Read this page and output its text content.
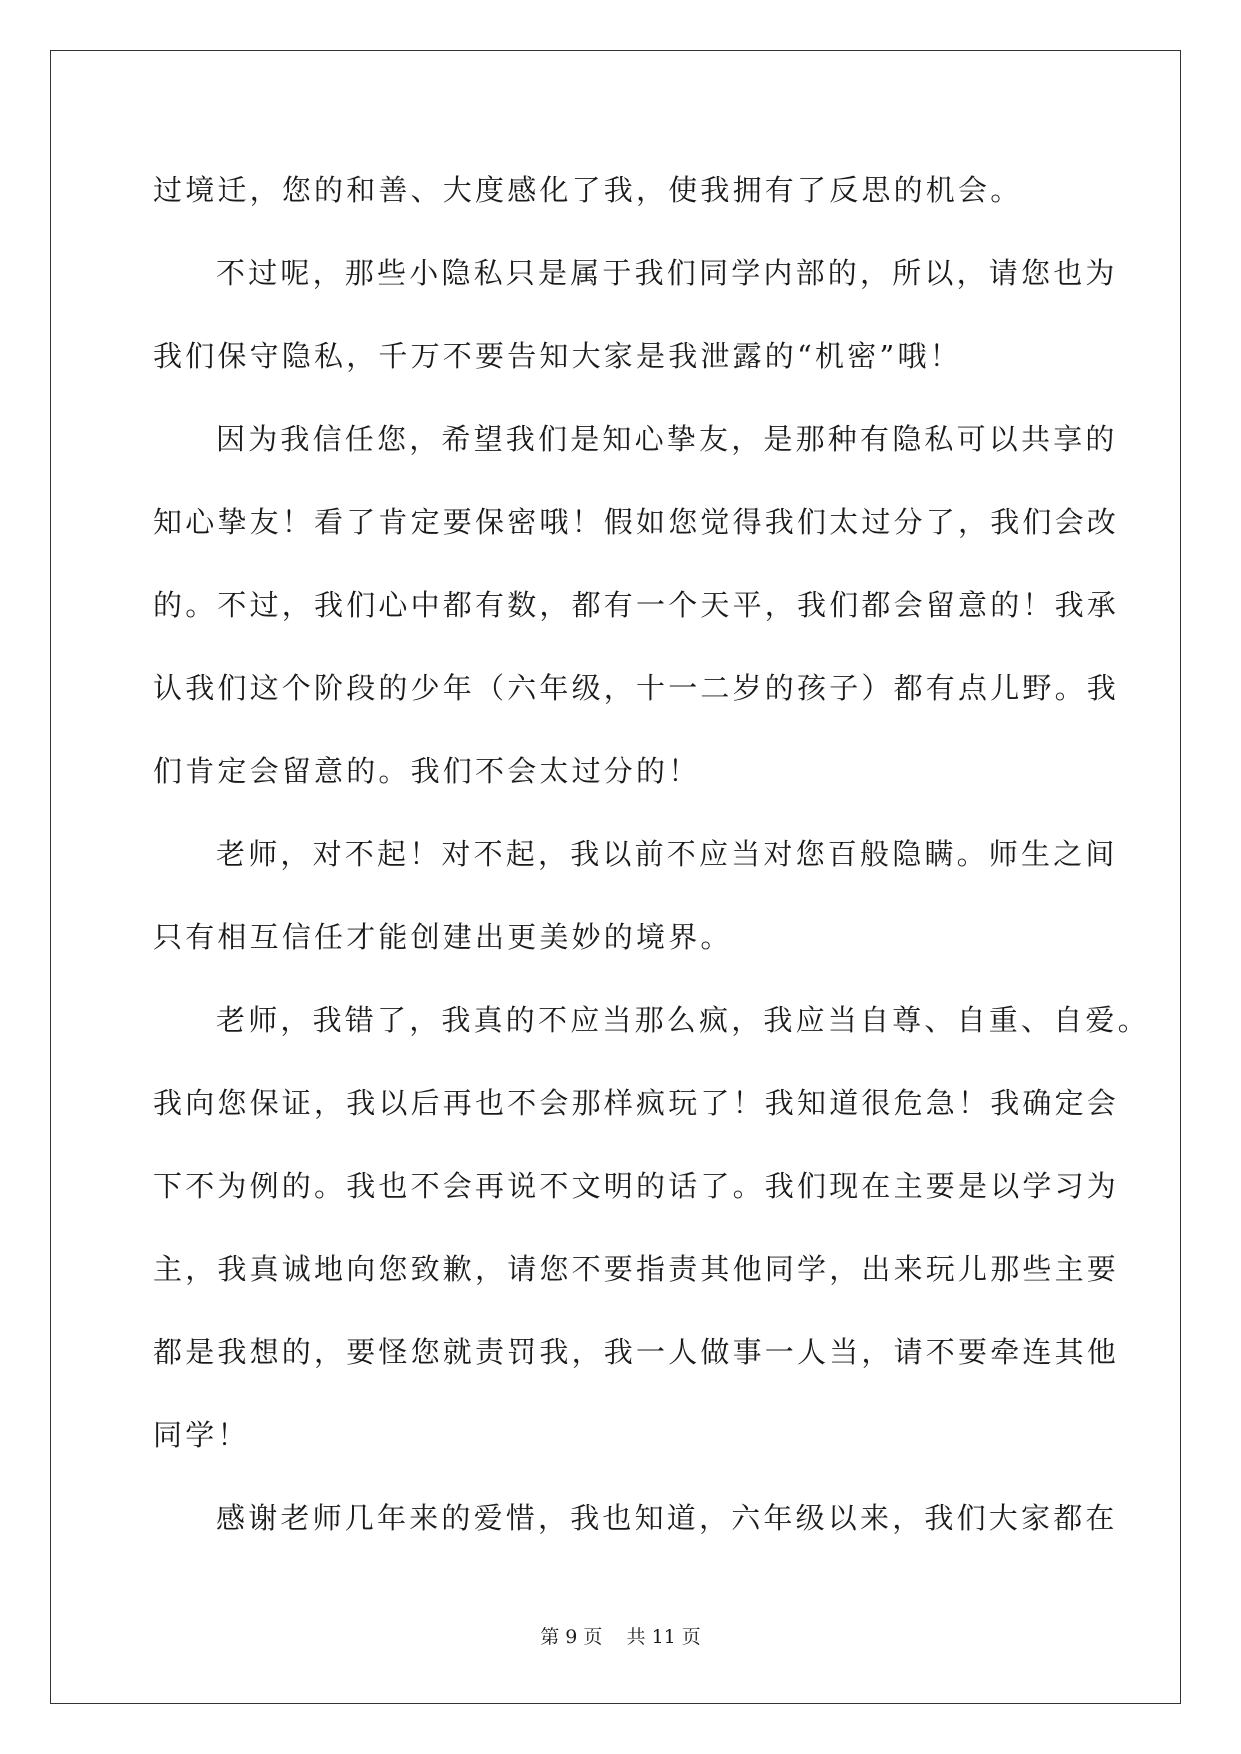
过境迁，您的和善、大度感化了我，使我拥有了反思的机会。
不过呢，那些小隐私只是属于我们同学内部的，所以，请您也为
我们保守隐私，千万不要告知大家是我泄露的“机密”哦！
因为我信任您，希望我们是知心挚友，是那种有隐私可以共享的
知心挚友！看了肯定要保密哦！假如您觉得我们太过分了，我们会改
的。不过，我们心中都有数，都有一个天平，我们都会留意的！我承
认我们这个阶段的少年（六年级，十一二岁的孩子）都有点儿野。我
们肯定会留意的。我们不会太过分的！
老师，对不起！对不起，我以前不应当对您百般隐瞒。师生之间
只有相互信任才能创建出更美妙的境界。
老师，我错了，我真的不应当那么疯，我应当自尊、自重、自爱。
我向您保证，我以后再也不会那样疯玩了！我知道很危急！我确定会
下不为例的。我也不会再说不文明的话了。我们现在主要是以学习为
主，我真诚地向您致歉，请您不要指责其他同学，出来玩儿那些主要
都是我想的，要怪您就责罚我，我一人做事一人当，请不要牵连其他
同学！
感谢老师几年来的爱惜，我也知道，六年级以来，我们大家都在
第 9 页    共 11 页
